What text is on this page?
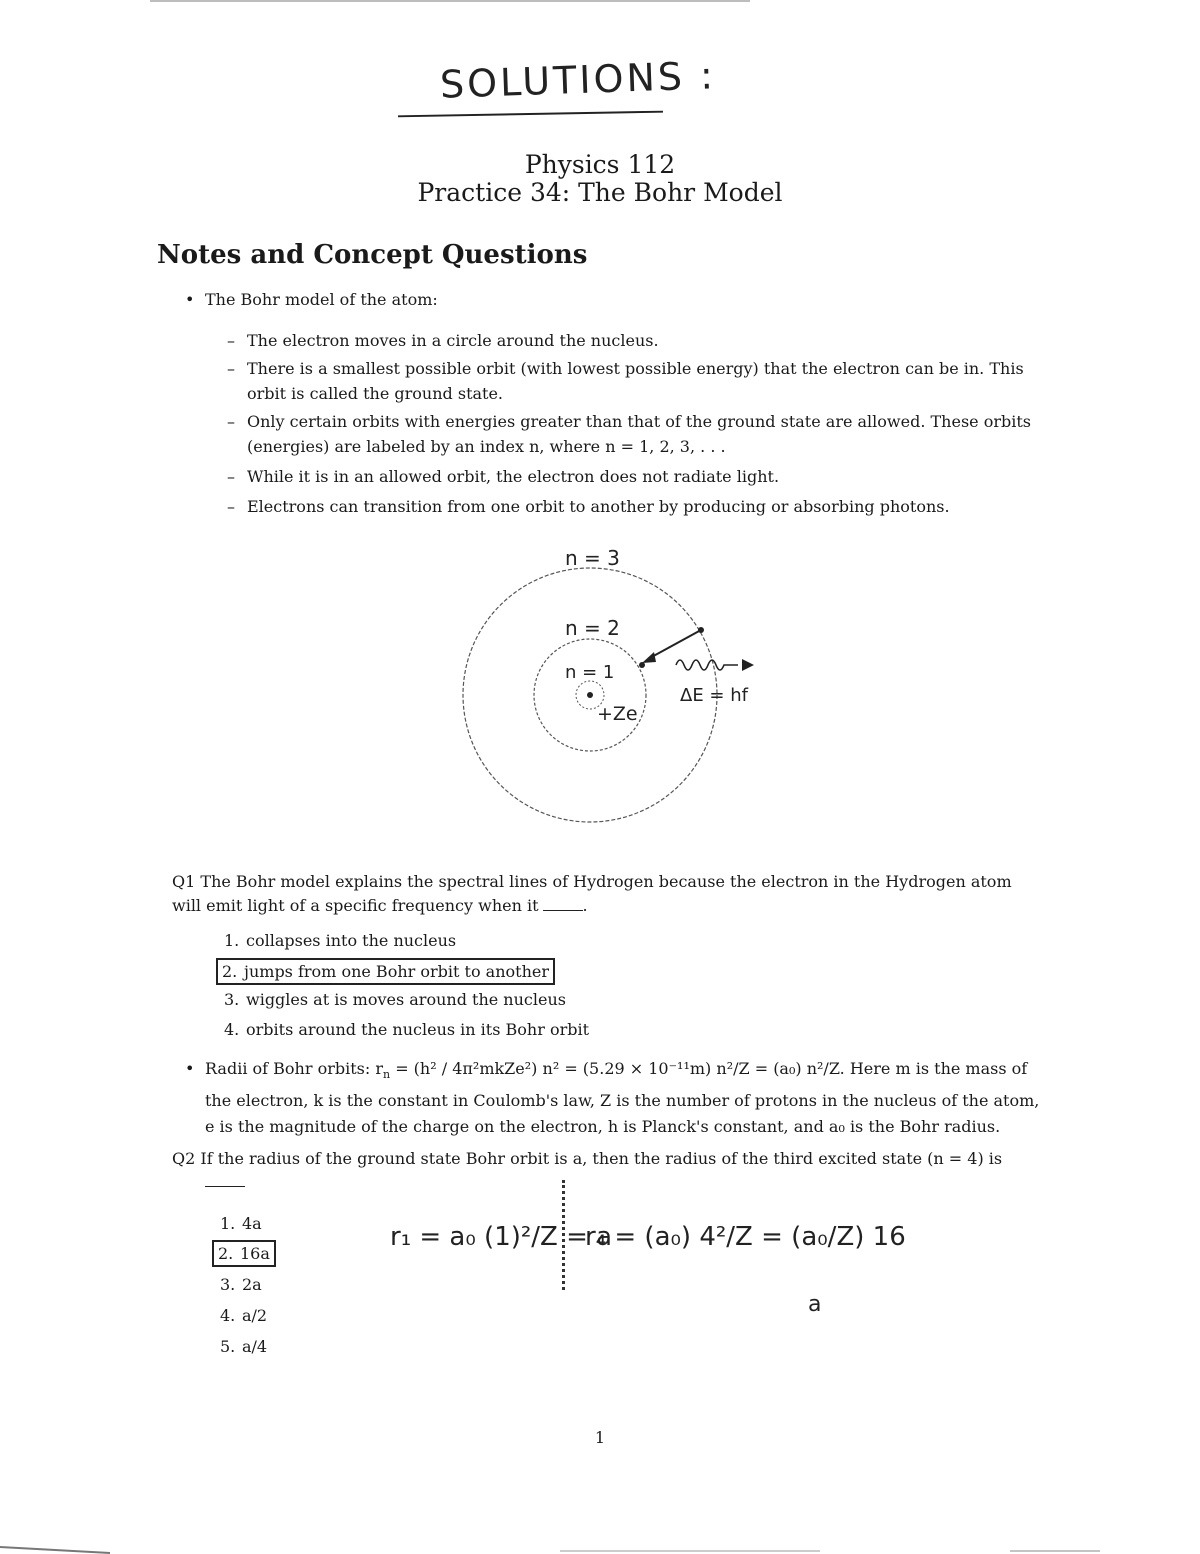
SOLUTIONS :
Physics 112
Practice 34: The Bohr Model
Notes and Concept Questions
• The Bohr model of the atom:
– The electron moves in a circle around the nucleus.
– There is a smallest possible orbit (with lowest possible energy) that the electron can be in. This orbit is called the ground state.
– Only certain orbits with energies greater than that of the ground state are allowed. These orbits (energies) are labeled by an index n, where n = 1, 2, 3, . . .
– While it is in an allowed orbit, the electron does not radiate light.
– Electrons can transition from one orbit to another by producing or absorbing photons.
n = 3
n = 2
n = 1
+Ze
ΔE = hf
Q1 The Bohr model explains the spectral lines of Hydrogen because the electron in the Hydrogen atom will emit light of a specific frequency when it	.
1. collapses into the nucleus
2. jumps from one Bohr orbit to another
3. wiggles at is moves around the nucleus
4. orbits around the nucleus in its Bohr orbit
• Radii of Bohr orbits: $r_n = (h^2$ / 4π²mkZe²) n² = (5.29 × 10⁻¹¹m) n²/Z = (a₀) n²/Z. Here m is the mass of the electron, k is the constant in Coulomb's law, Z is the number of protons in the nucleus of the atom, e is the magnitude of the charge on the electron, h is Planck's constant, and a₀ is the Bohr radius.
Q2 If the radius of the ground state Bohr orbit is a, then the radius of the third excited state (n = 4) is
1. 4a
2. 16a
3. 2a
4. a/2
5. a/4
r₁ = a₀ (1)²/Z = a
r₄ = (a₀) 4²/Z = (a₀/Z) 16
a
1
